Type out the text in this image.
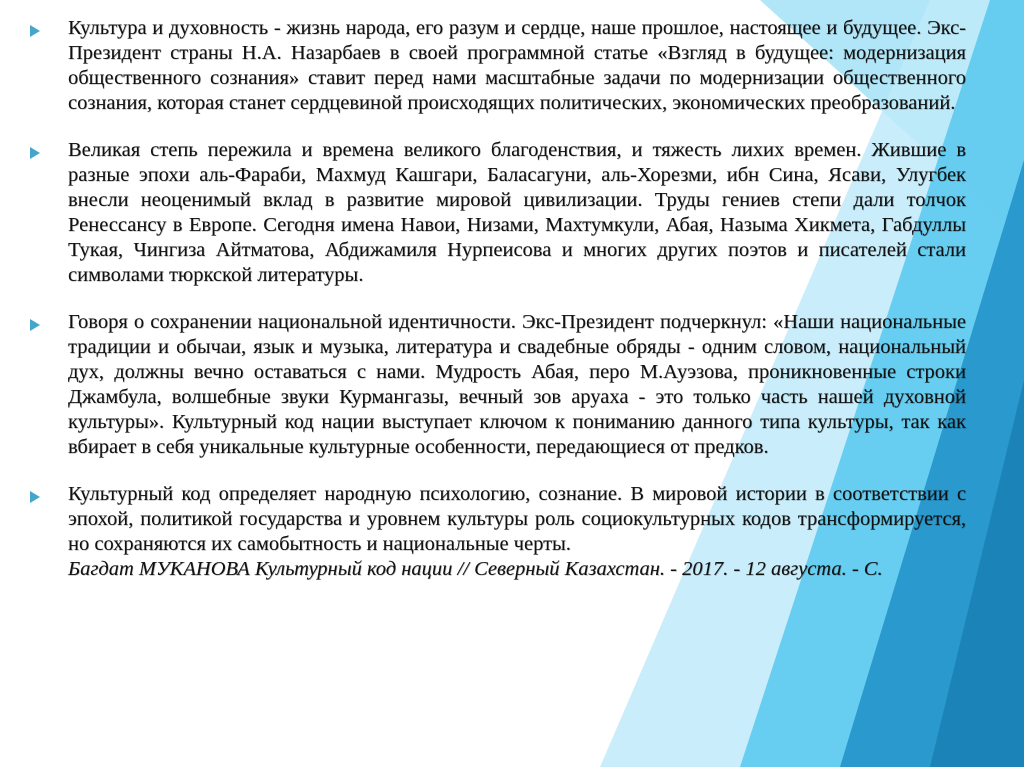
Культура и духовность - жизнь народа, его разум и сердце, наше прошлое, настоящее и будущее. Экс-Президент страны Н.А. Назарбаев в своей программной статье «Взгляд в будущее: модернизация общественного сознания» ставит перед нами масштабные задачи по модернизации общественного сознания, которая станет сердцевиной происходящих политических, экономических преобразований.

Великая степь пережила и времена великого благоденствия, и тяжесть лихих времен. Жившие в разные эпохи аль-Фараби, Махмуд Кашгари, Баласагуни, аль-Хорезми, ибн Сина, Ясави, Улугбек внесли неоценимый вклад в развитие мировой цивилизации. Труды гениев степи дали толчок Ренессансу в Европе. Сегодня имена Навои, Низами, Махтумкули, Абая, Назыма Хикмета, Габдуллы Тукая, Чингиза Айтматова, Абдижамиля Нурпеисова и многих других поэтов и писателей стали символами тюркской литературы.

Говоря о сохранении национальной идентичности. Экс-Президент подчеркнул: «Наши национальные традиции и обычаи, язык и музыка, литература и свадебные обряды - одним словом, национальный дух, должны вечно оставаться с нами. Мудрость Абая, перо М.Ауэзова, проникновенные строки Джамбула, волшебные звуки Курмангазы, вечный зов аруаха - это только часть нашей духовной культуры». Культурный код нации выступает ключом к пониманию данного типа культуры, так как вбирает в себя уникальные культурные особенности, передающиеся от предков.

Культурный код определяет народную психологию, сознание. В мировой истории в соответствии с эпохой, политикой государства и уровнем культуры роль социокультурных кодов трансформируется, но сохраняются их самобытность и национальные черты.

Багдат МУКАНОВА Культурный код нации // Северный Казахстан. - 2017. - 12 августа. - С.
